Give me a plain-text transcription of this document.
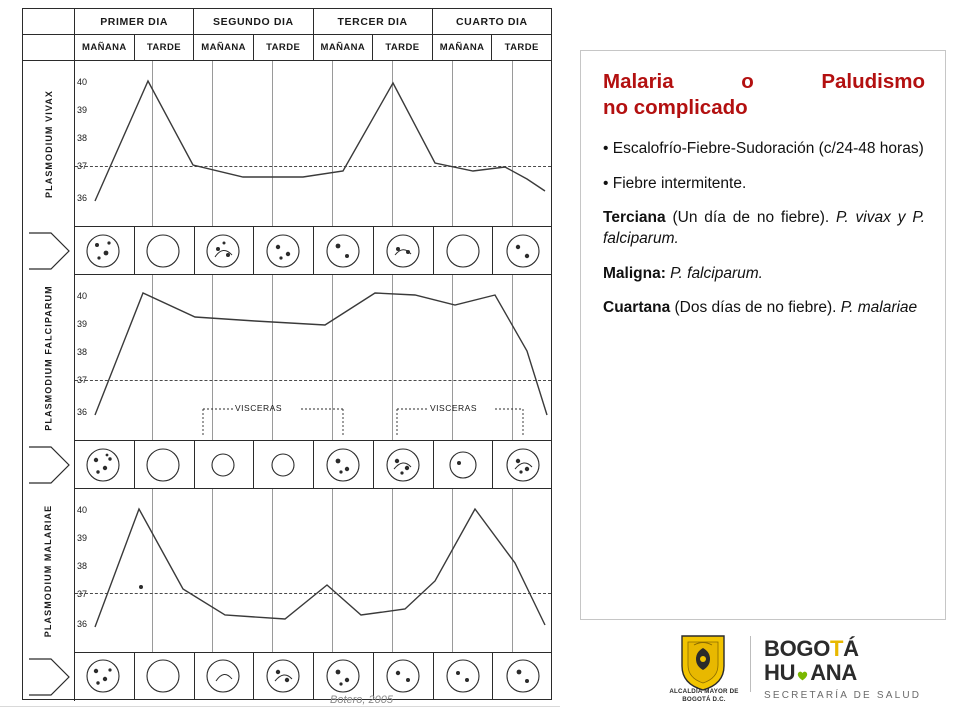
PRIMER DIA	SEGUNDO DIA	TERCER DIA	CUARTO DIA
MAÑANA	TARDE	MAÑANA	TARDE	MAÑANA	TARDE	MAÑANA	TARDE
PLASMODIUM VIVAX
40
39
38
37
36
PLASMODIUM FALCIPARUM	40
39
38
37
36	VISCERAS	VISCERAS
PLASMODIUM MALARIAE	40
39
38
37
36
Botero, 2005
Malaria o Paludismo
no complicado

• Escalofrío-Fiebre-Sudoración (c/24-48 horas)

• Fiebre intermitente.

Terciana (Un día de no fiebre). P. vivax y P. falciparum.

Maligna: P. falciparum.

Cuartana (Dos días de no fiebre). P. malariae

ALCALDÍA MAYOR DE BOGOTÁ D.C.
BOGOTÁ
HU ANA
SECRETARÍA DE SALUD
